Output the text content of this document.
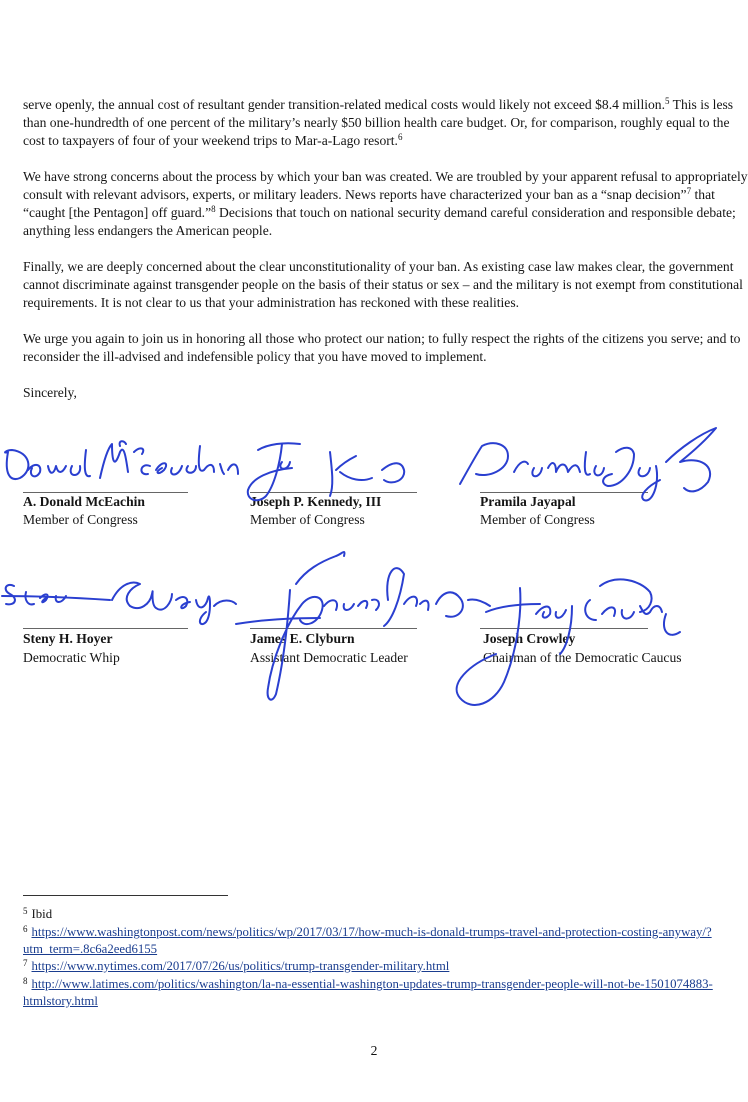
serve openly, the annual cost of resultant gender transition-related medical costs would likely not exceed $8.4 million.$^5$ This is less than one-hundredth of one percent of the military’s nearly $50 billion health care budget. Or, for comparison, roughly equal to the cost to taxpayers of four of your weekend trips to Mar-a-Lago resort.$^6$

We have strong concerns about the process by which your ban was created. We are troubled by your apparent refusal to appropriately consult with relevant advisors, experts, or military leaders. News reports have characterized your ban as a “snap decision”$^7$ that “caught [the Pentagon] off guard.”$^8$ Decisions that touch on national security demand careful consideration and responsible debate; anything less endangers the American people.

Finally, we are deeply concerned about the clear unconstitutionality of your ban. As existing case law makes clear, the government cannot discriminate against transgender people on the basis of their status or sex – and the military is not exempt from constitutional requirements. It is not clear to us that your administration has reckoned with these realities.

We urge you again to join us in honoring all those who protect our nation; to fully respect the rights of the citizens you serve; and to reconsider the ill-advised and indefensible policy that you have moved to implement.

Sincerely,

A. Donald McEachin
Member of Congress
Joseph P. Kennedy, III
Member of Congress
Pramila Jayapal
Member of Congress
Steny H. Hoyer
Democratic Whip
James E. Clyburn
Assistant Democratic Leader
Joseph Crowley
Chairman of the Democratic Caucus
$^5$ Ibid
$^6$ https://www.washingtonpost.com/news/politics/wp/2017/03/17/how-much-is-donald-trumps-travel-and-protection-costing-anyway/?utm_term=.8c6a2eed6155
$^7$ https://www.nytimes.com/2017/07/26/us/politics/trump-transgender-military.html
$^8$ http://www.latimes.com/politics/washington/la-na-essential-washington-updates-trump-transgender-people-will-not-be-1501074883-htmlstory.html
2
